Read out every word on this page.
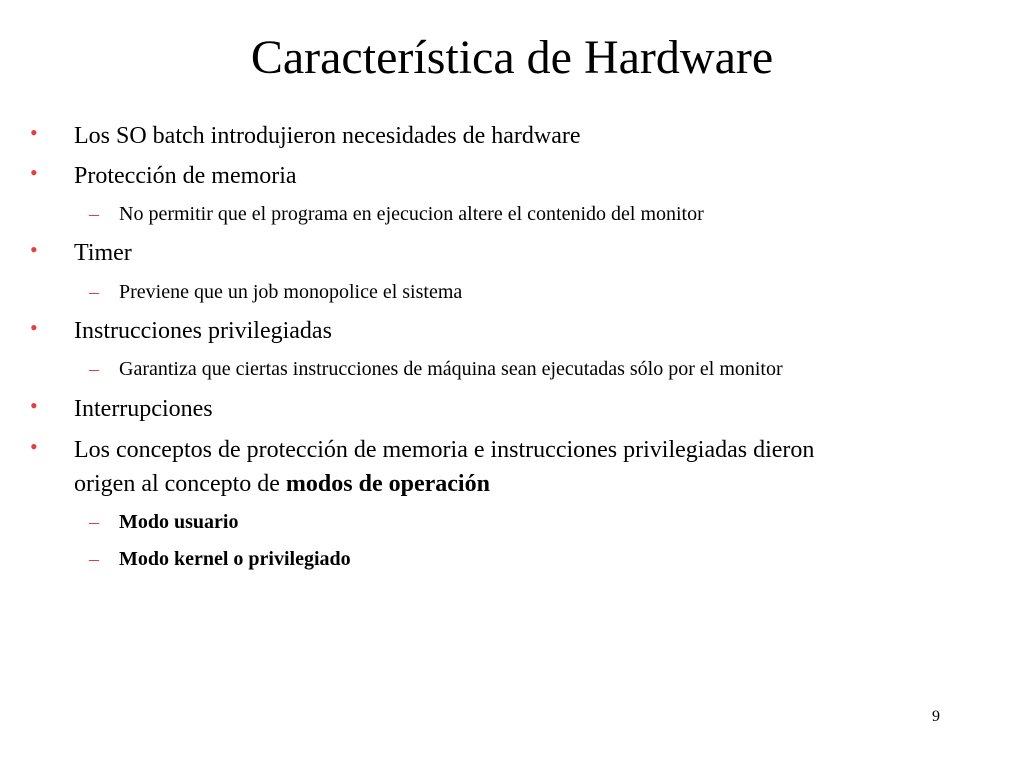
Característica de Hardware
• Los SO batch introdujieron necesidades de hardware
• Protección de memoria
– No permitir que el programa en ejecucion altere el contenido del monitor
• Timer
– Previene que un job monopolice el sistema
• Instrucciones privilegiadas
– Garantiza que ciertas instrucciones de máquina sean ejecutadas sólo por el monitor
• Interrupciones
• Los conceptos de protección de memoria e instrucciones privilegiadas dieron
origen al concepto de modos de operación
– Modo usuario
– Modo kernel o privilegiado
9
